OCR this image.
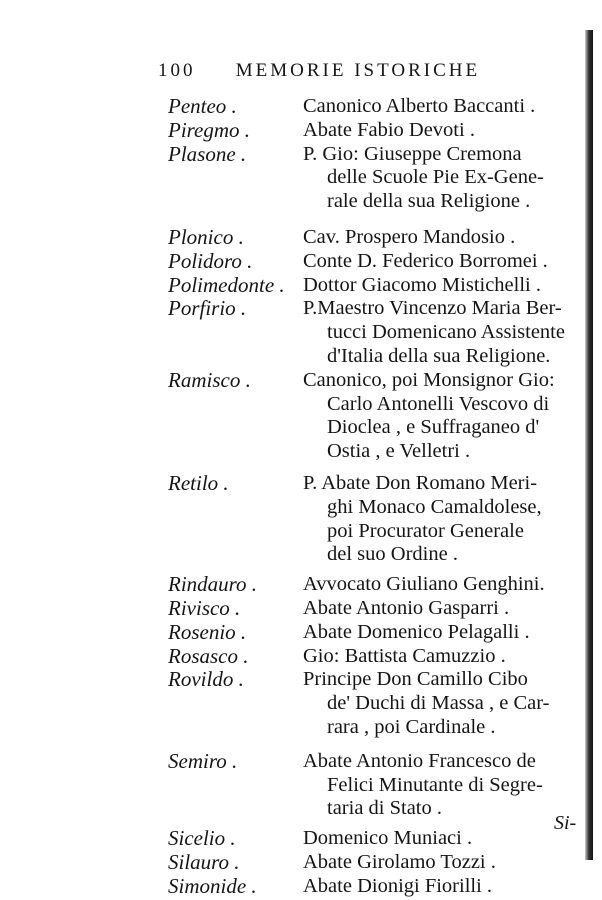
100 MEMORIE ISTORICHE
Penteo .	Canonico Alberto Baccanti .
Piregmo .	Abate Fabio Devoti .
Plasone .	P. Gio: Giuseppe Cremona
delle Scuole Pie Ex-Gene-
rale della sua Religione .
Plonico .	Cav. Prospero Mandosio .
Polidoro .	Conte D. Federico Borromei .
Polimedonte . Dottor Giacomo Mistichelli .
Porfirio .	P.Maestro Vincenzo Maria Ber-
tucci Domenicano Assistente
d'Italia della sua Religione.
Ramisco .	Canonico, poi Monsignor Gio:
Carlo Antonelli Vescovo di
Dioclea , e Suffraganeo d'
Ostia , e Velletri .
Retilo .	P. Abate Don Romano Meri-
ghi Monaco Camaldolese,
poi Procurator Generale
del suo Ordine .
Rindauro .	Avvocato Giuliano Genghini.
Rivisco .	Abate Antonio Gasparri .
Rosenio .	Abate Domenico Pelagalli .
Rosasco .	Gio: Battista Camuzzio .
Rovildo .	Principe Don Camillo Cibo
de' Duchi di Massa , e Car-
rara , poi Cardinale .
Semiro .	Abate Antonio Francesco de
Felici Minutante di Segre-
taria di Stato .
Sicelio .	Domenico Muniaci .
Silauro .	Abate Girolamo Tozzi .
Simonide .	Abate Dionigi Fiorilli .
Si-
